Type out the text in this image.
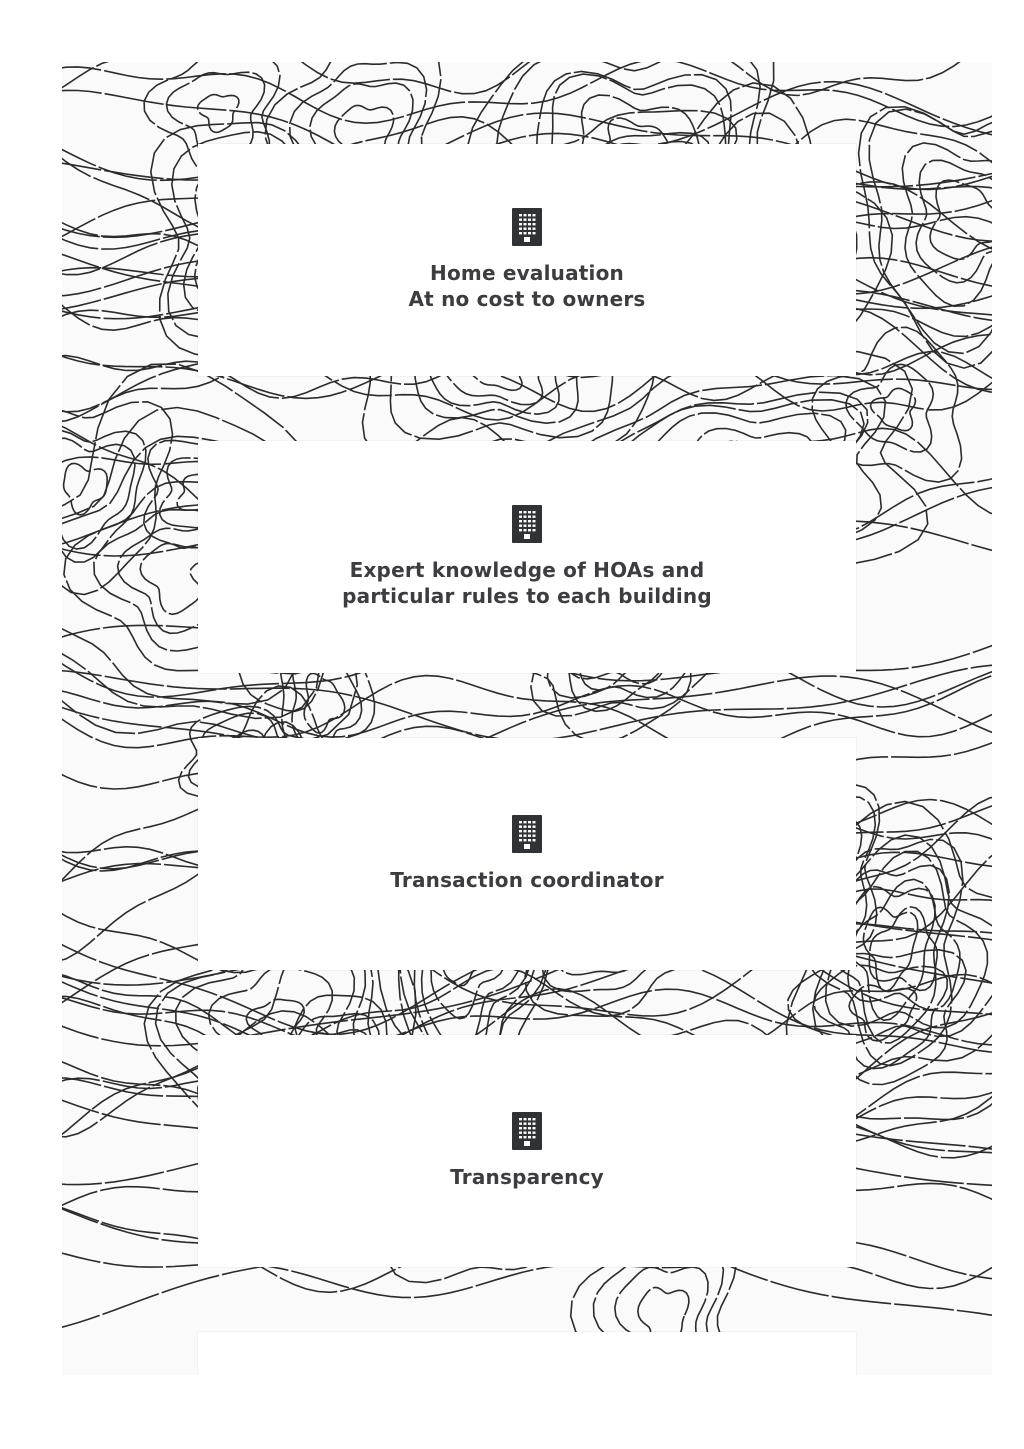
Home evaluation
At no cost to owners
Expert knowledge of HOAs and
particular rules to each building
Transaction coordinator
Transparency
